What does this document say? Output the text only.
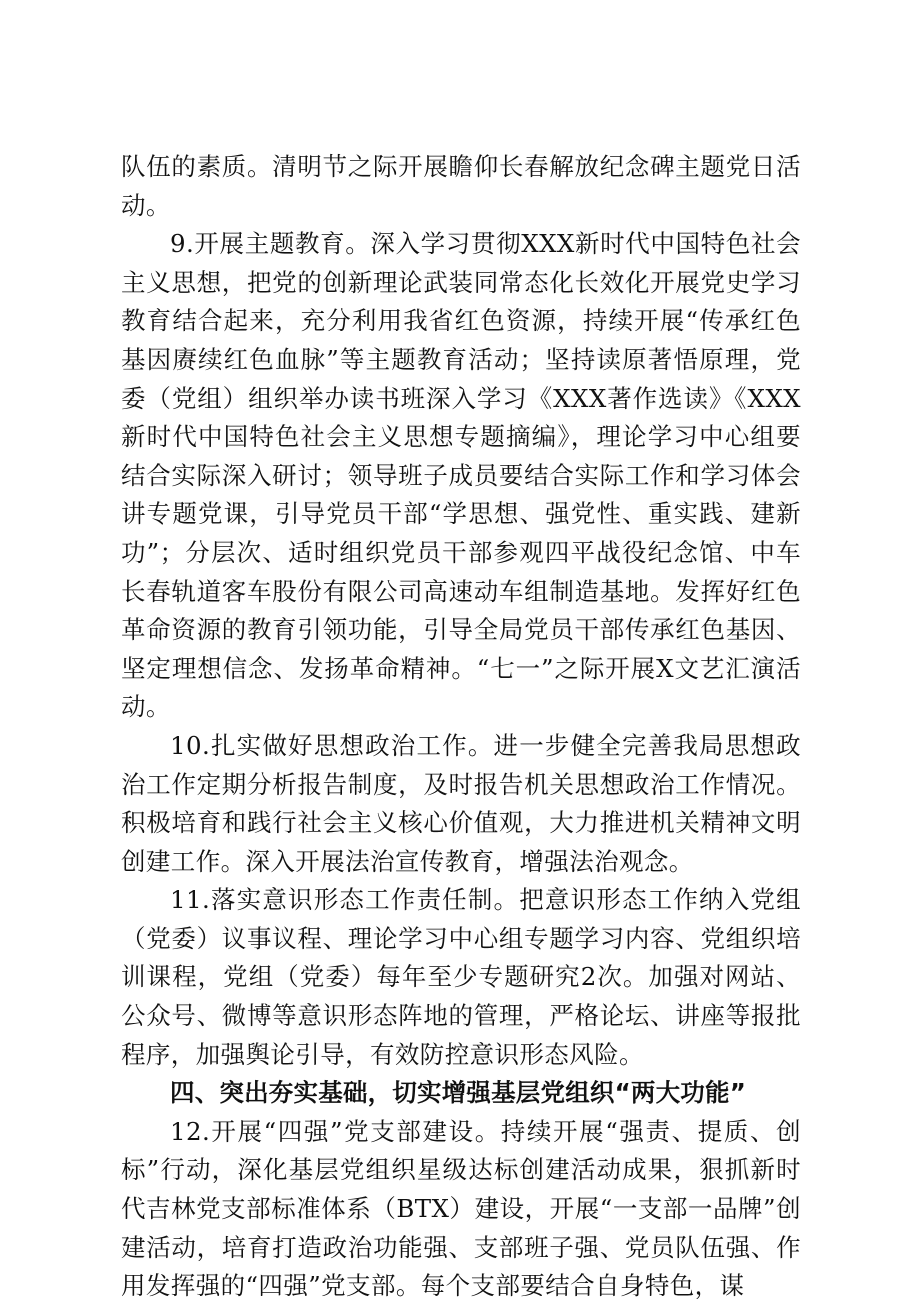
队伍的素质。清明节之际开展瞻仰长春解放纪念碑主题党日活动。

9.开展主题教育。深入学习贯彻XXX新时代中国特色社会主义思想，把党的创新理论武装同常态化长效化开展党史学习教育结合起来，充分利用我省红色资源，持续开展“传承红色基因赓续红色血脉”等主题教育活动；坚持读原著悟原理，党委（党组）组织举办读书班深入学习《XXX著作选读》《XXX新时代中国特色社会主义思想专题摘编》，理论学习中心组要结合实际深入研讨；领导班子成员要结合实际工作和学习体会讲专题党课，引导党员干部“学思想、强党性、重实践、建新功”；分层次、适时组织党员干部参观四平战役纪念馆、中车长春轨道客车股份有限公司高速动车组制造基地。发挥好红色革命资源的教育引领功能，引导全局党员干部传承红色基因、坚定理想信念、发扬革命精神。“七一”之际开展X文艺汇演活动。

10.扎实做好思想政治工作。进一步健全完善我局思想政治工作定期分析报告制度，及时报告机关思想政治工作情况。积极培育和践行社会主义核心价值观，大力推进机关精神文明创建工作。深入开展法治宣传教育，增强法治观念。

11.落实意识形态工作责任制。把意识形态工作纳入党组（党委）议事议程、理论学习中心组专题学习内容、党组织培训课程，党组（党委）每年至少专题研究2次。加强对网站、公众号、微博等意识形态阵地的管理，严格论坛、讲座等报批程序，加强舆论引导，有效防控意识形态风险。

四、突出夯实基础，切实增强基层党组织“两大功能”

12.开展“四强”党支部建设。持续开展“强责、提质、创标”行动，深化基层党组织星级达标创建活动成果，狠抓新时代吉林党支部标准体系（BTX）建设，开展“一支部一品牌”创建活动，培育打造政治功能强、支部班子强、党员队伍强、作用发挥强的“四强”党支部。每个支部要结合自身特色，谋
